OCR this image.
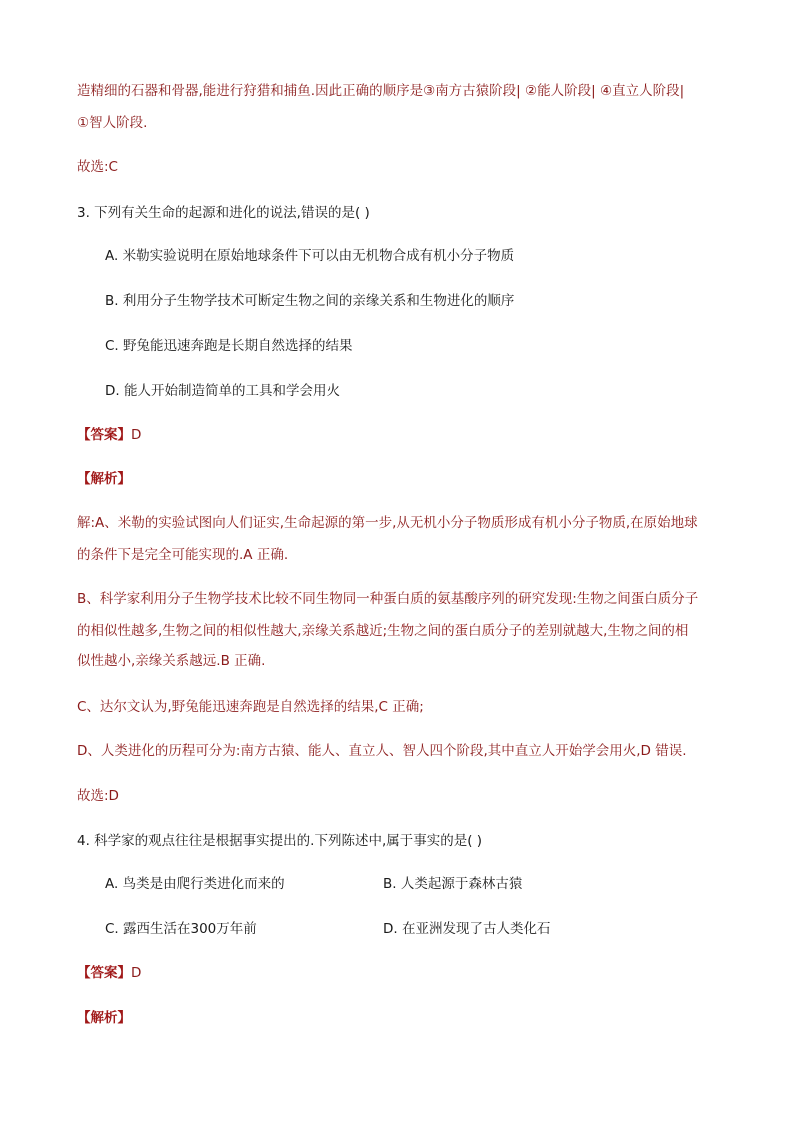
造精细的石器和骨器,能进行狩猎和捕鱼.因此正确的顺序是③南方古猿阶段| ②能人阶段| ④直立人阶段|
①智人阶段.
故选:C
3. 下列有关生命的起源和进化的说法,错误的是( )
A. 米勒实验说明在原始地球条件下可以由无机物合成有机小分子物质
B. 利用分子生物学技术可断定生物之间的亲缘关系和生物进化的顺序
C. 野兔能迅速奔跑是长期自然选择的结果
D. 能人开始制造简单的工具和学会用火
【答案】D
【解析】
解:A、米勒的实验试图向人们证实,生命起源的第一步,从无机小分子物质形成有机小分子物质,在原始地球
的条件下是完全可能实现的.A 正确.
B、科学家利用分子生物学技术比较不同生物同一种蛋白质的氨基酸序列的研究发现:生物之间蛋白质分子
的相似性越多,生物之间的相似性越大,亲缘关系越近;生物之间的蛋白质分子的差别就越大,生物之间的相
似性越小,亲缘关系越远.B 正确.
C、达尔文认为,野兔能迅速奔跑是自然选择的结果,C 正确;
D、人类进化的历程可分为:南方古猿、能人、直立人、智人四个阶段,其中直立人开始学会用火,D 错误.
故选:D
4. 科学家的观点往往是根据事实提出的.下列陈述中,属于事实的是( )
A. 鸟类是由爬行类进化而来的	B. 人类起源于森林古猿
C. 露西生活在300万年前	D. 在亚洲发现了古人类化石
【答案】D
【解析】
